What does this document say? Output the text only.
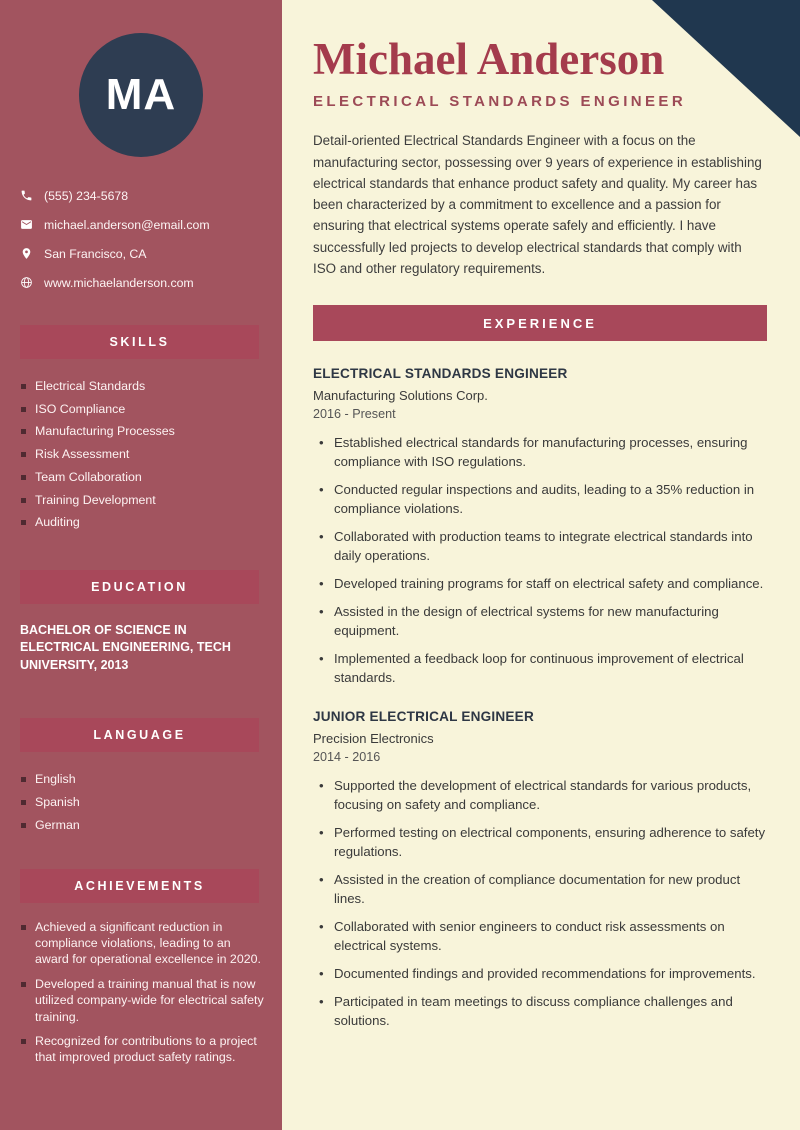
MA
(555) 234-5678
michael.anderson@email.com
San Francisco, CA
www.michaelanderson.com
SKILLS
Electrical Standards
ISO Compliance
Manufacturing Processes
Risk Assessment
Team Collaboration
Training Development
Auditing
EDUCATION
BACHELOR OF SCIENCE IN ELECTRICAL ENGINEERING, TECH UNIVERSITY, 2013
LANGUAGE
English
Spanish
German
ACHIEVEMENTS
Achieved a significant reduction in compliance violations, leading to an award for operational excellence in 2020.
Developed a training manual that is now utilized company-wide for electrical safety training.
Recognized for contributions to a project that improved product safety ratings.
Michael Anderson
ELECTRICAL STANDARDS ENGINEER

Detail-oriented Electrical Standards Engineer with a focus on the manufacturing sector, possessing over 9 years of experience in establishing electrical standards that enhance product safety and quality. My career has been characterized by a commitment to excellence and a passion for ensuring that electrical systems operate safely and efficiently. I have successfully led projects to develop electrical standards that comply with ISO and other regulatory requirements.

EXPERIENCE
ELECTRICAL STANDARDS ENGINEER
Manufacturing Solutions Corp.
2016 - Present
• Established electrical standards for manufacturing processes, ensuring compliance with ISO regulations.
• Conducted regular inspections and audits, leading to a 35% reduction in compliance violations.
• Collaborated with production teams to integrate electrical standards into daily operations.
• Developed training programs for staff on electrical safety and compliance.
• Assisted in the design of electrical systems for new manufacturing equipment.
• Implemented a feedback loop for continuous improvement of electrical standards.
JUNIOR ELECTRICAL ENGINEER
Precision Electronics
2014 - 2016
• Supported the development of electrical standards for various products, focusing on safety and compliance.
• Performed testing on electrical components, ensuring adherence to safety regulations.
• Assisted in the creation of compliance documentation for new product lines.
• Collaborated with senior engineers to conduct risk assessments on electrical systems.
• Documented findings and provided recommendations for improvements.
• Participated in team meetings to discuss compliance challenges and solutions.
